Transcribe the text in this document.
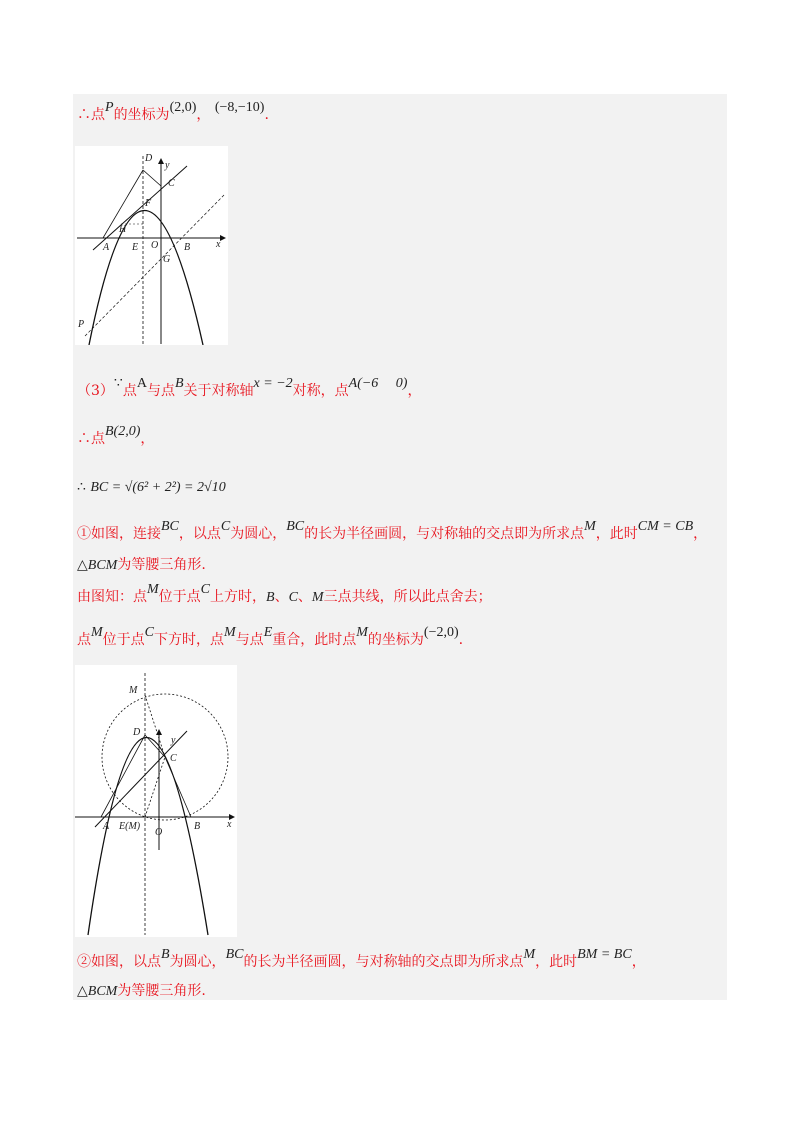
∴点P的坐标为(2,0)， (−8,−10).
D
y
C
F
H
A E O	B	x
G
P
（3）∵点A与点B关于对称轴x = −2对称，点A(−6　 0)，
∴点B(2,0)，
∴ BC = √(6² + 2²) = 2√10
①如图，连接BC，以点C为圆心，BC的长为半径画圆，与对称轴的交点即为所求点M，此时CM = CB，
△BCM为等腰三角形.
由图知：点M位于点C上方时，B、C、M三点共线，所以此点舍去；
点M位于点C下方时，点M与点E重合，此时点M的坐标为(−2,0).
M
D
y
C
A E(M)
O
B	x
②如图，以点B为圆心，BC的长为半径画圆，与对称轴的交点即为所求点M，此时BM = BC，
△BCM为等腰三角形.
